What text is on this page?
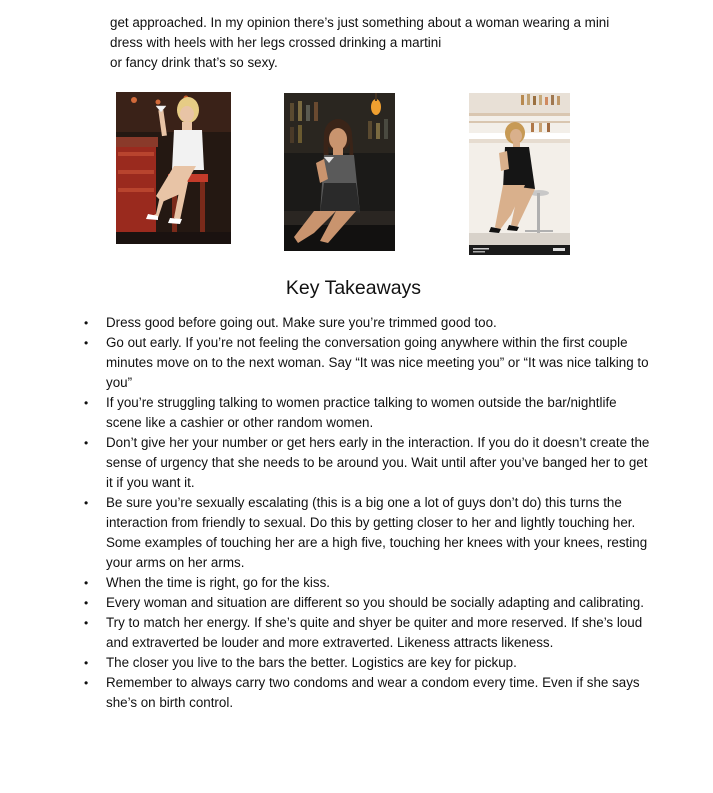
get approached. In my opinion there’s just something about a woman wearing a mini

dress with heels with her legs crossed drinking a martini

or fancy drink that’s so sexy.

Key Takeaways
• Dress good before going out. Make sure you’re trimmed good too.
• Go out early. If you’re not feeling the conversation going anywhere within the first couple minutes move on to the next woman. Say “It was nice meeting you” or “It was nice talking to you”
• If you’re struggling talking to women practice talking to women outside the bar/nightlife scene like a cashier or other random women.
• Don’t give her your number or get hers early in the interaction. If you do it doesn’t create the sense of urgency that she needs to be around you. Wait until after you’ve banged her to get it if you want it.
• Be sure you’re sexually escalating (this is a big one a lot of guys don’t do) this turns the interaction from friendly to sexual. Do this by getting closer to her and lightly touching her. Some examples of touching her are a high five, touching her knees with your knees, resting your arms on her arms.
• When the time is right, go for the kiss.
• Every woman and situation are different so you should be socially adapting and calibrating.
• Try to match her energy. If she’s quite and shyer be quiter and more reserved. If she’s loud and extraverted be louder and more extraverted. Likeness attracts likeness.
• The closer you live to the bars the better. Logistics are key for pickup.
• Remember to always carry two condoms and wear a condom every time. Even if she says she’s on birth control.
